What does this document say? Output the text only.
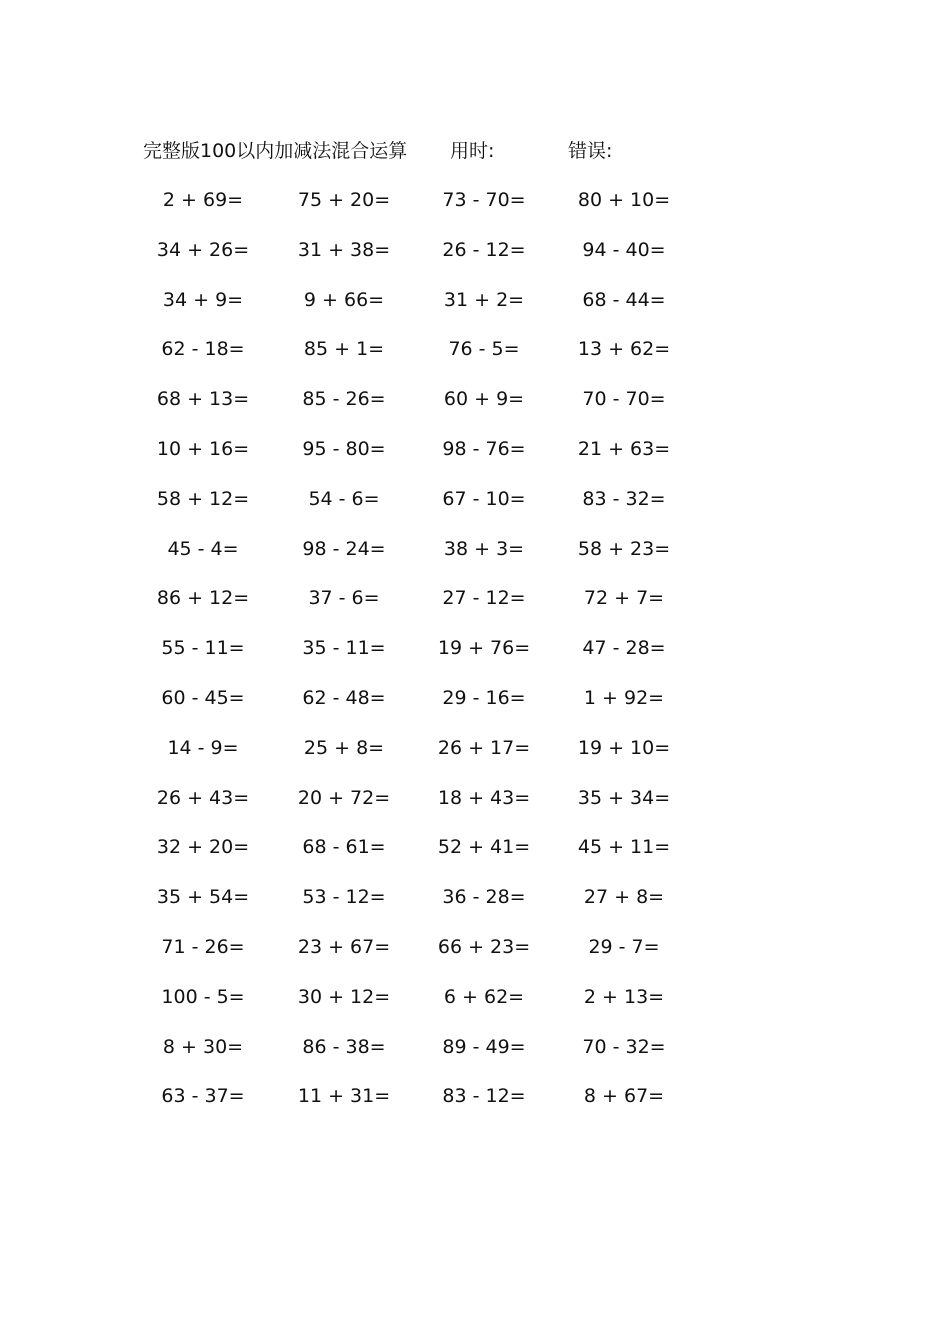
完整版100以内加减法混合运算 用时:	错误:
2 + 69=	75 + 20=	73 - 70=	80 + 10=
34 + 26=	31 + 38=	26 - 12=	94 - 40=
34 + 9=	9 + 66=	31 + 2=	68 - 44=
62 - 18=	85 + 1=	76 - 5=	13 + 62=
68 + 13=	85 - 26=	60 + 9=	70 - 70=
10 + 16=	95 - 80=	98 - 76=	21 + 63=
58 + 12=	54 - 6=	67 - 10=	83 - 32=
45 - 4=	98 - 24=	38 + 3=	58 + 23=
86 + 12=	37 - 6=	27 - 12=	72 + 7=
55 - 11=	35 - 11=	19 + 76=	47 - 28=
60 - 45=	62 - 48=	29 - 16=	1 + 92=
14 - 9=	25 + 8=	26 + 17=	19 + 10=
26 + 43=	20 + 72=	18 + 43=	35 + 34=
32 + 20=	68 - 61=	52 + 41=	45 + 11=
35 + 54=	53 - 12=	36 - 28=	27 + 8=
71 - 26=	23 + 67=	66 + 23=	29 - 7=
100 - 5=	30 + 12=	6 + 62=	2 + 13=
8 + 30=	86 - 38=	89 - 49=	70 - 32=
63 - 37=	11 + 31=	83 - 12=	8 + 67=
